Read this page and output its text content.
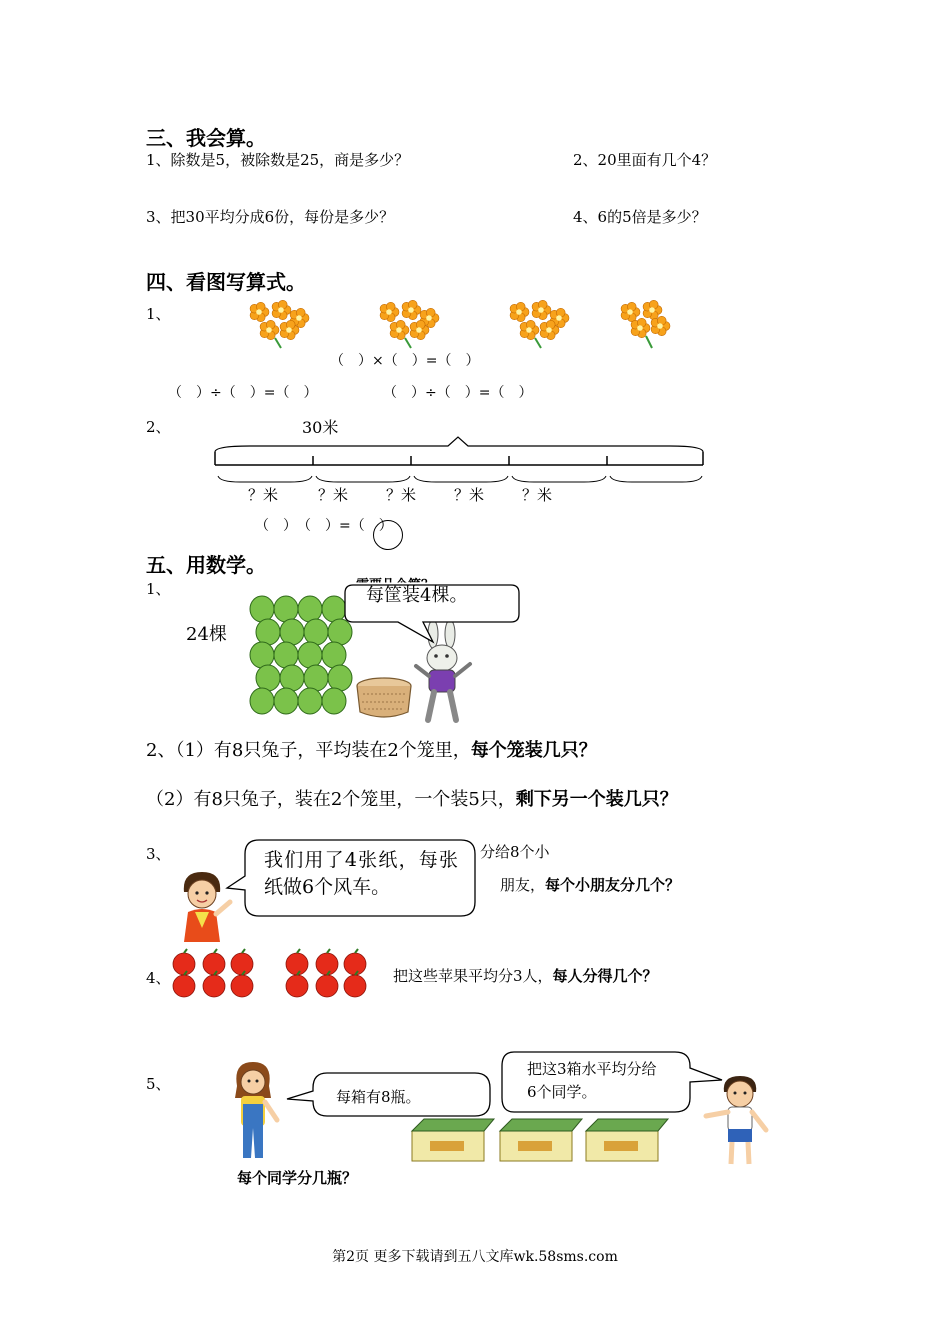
三、我会算。
1、除数是5，被除数是25，商是多少？	2、20里面有几个4？
3、把30平均分成6份，每份是多少？	4、6的5倍是多少？
四、看图写算式。
1、
（　）×（　）=（　）
（　）÷（　）=（　）	（　）÷（　）=（　）
2、	30米
？米	？米	？米	？米	？米
（　）　（　）=（　）
五、用数学。
1、
24棵
每筐装4棵。
2、（1）有8只兔子，平均装在2个笼里，每个笼装几只？
（2）有8只兔子，装在2个笼里，一个装5只，剩下另一个装几只？
3、	我们用了4张纸，每张纸做6个风车。
分给8个小
朋友，每个小朋友分几个？
4、	把这些苹果平均分3人，每人分得几个？
5、
每箱有8瓶。
把这3箱水平均分给6个同学。
每个同学分几瓶？
第2页 更多下载请到五八文库wk.58sms.com
